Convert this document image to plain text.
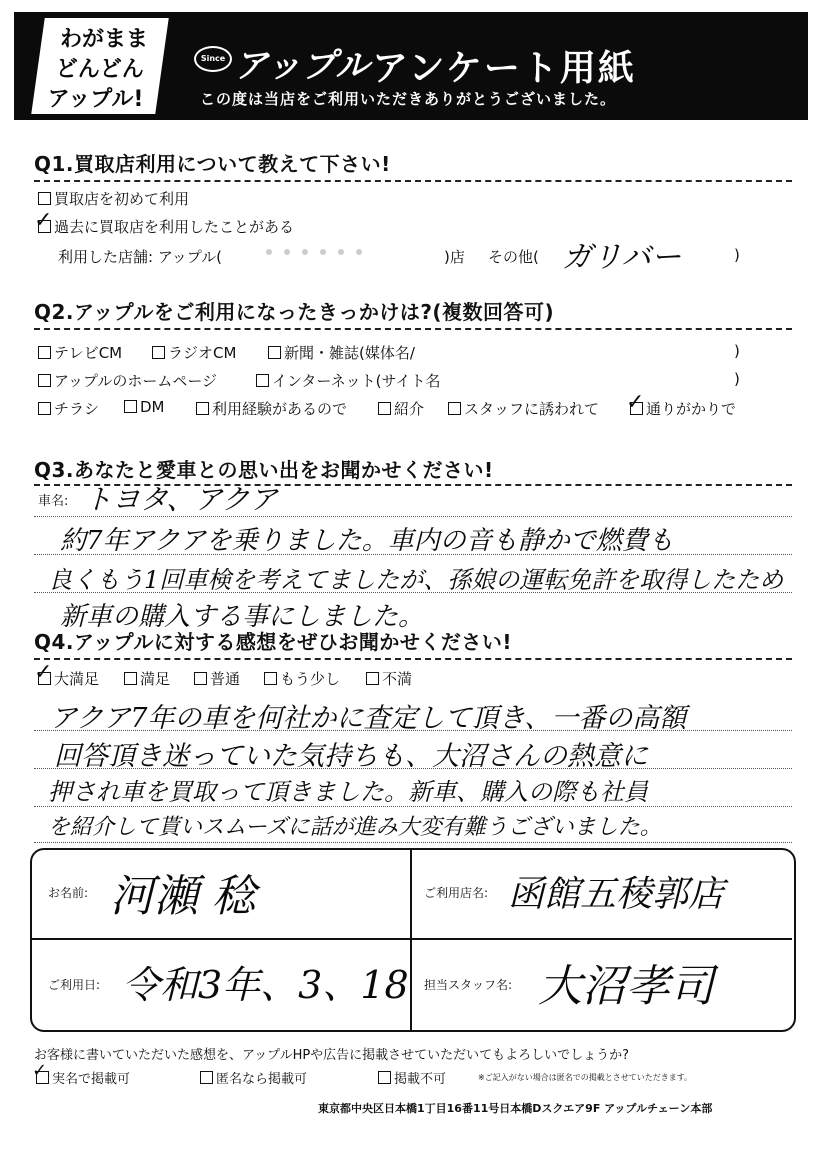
わがまま
どんどん
アップル!
Since アップル アンケート用紙
この度は当店をご利用いただきありがとうございました。
Q1.買取店利用について教えて下さい!
買取店を初めて利用
過去に買取店を利用したことがある
✓
利用した店舗: アップル(	)店 その他( ガリバー	)
Q2.アップルをご利用になったきっかけは?(複数回答可)
テレビCM	ラジオCM	新聞・雑誌(媒体名/	)
アップルのホームページ	インターネット(サイト名	)
チラシ	DM	利用経験があるので	紹介	スタッフに誘われて	通りがかりで
✓
Q3.あなたと愛車との思い出をお聞かせください!
車名: トヨタ、アクア
約7年アクアを乗りました。車内の音も静かで燃費も
良くもう1回車検を考えてましたが、孫娘の運転免許を取得したため
新車の購入する事にしました。
Q4.アップルに対する感想をぜひお聞かせください!
大満足
✓	満足	普通	もう少し	不満
アクア7年の車を何社かに査定して頂き、一番の高額
回答頂き迷っていた気持ちも、大沼さんの熱意に
押され車を買取って頂きました。新車、購入の際も社員
を紹介して貰いスムーズに話が進み大変有難うございました。
お名前: 河瀬 稔	ご利用店名: 函館五稜郭店
ご利用日: 令和3年、3、18 担当スタッフ名: 大沼孝司
お客様に書いていただいた感想を、アップルHPや広告に掲載させていただいてもよろしいでしょうか?
実名で掲載可
✓	匿名なら掲載可	掲載不可	※ご記入がない場合は匿名での掲載とさせていただきます。
東京都中央区日本橋1丁目16番11号日本橋Dスクエア9F アップルチェーン本部
